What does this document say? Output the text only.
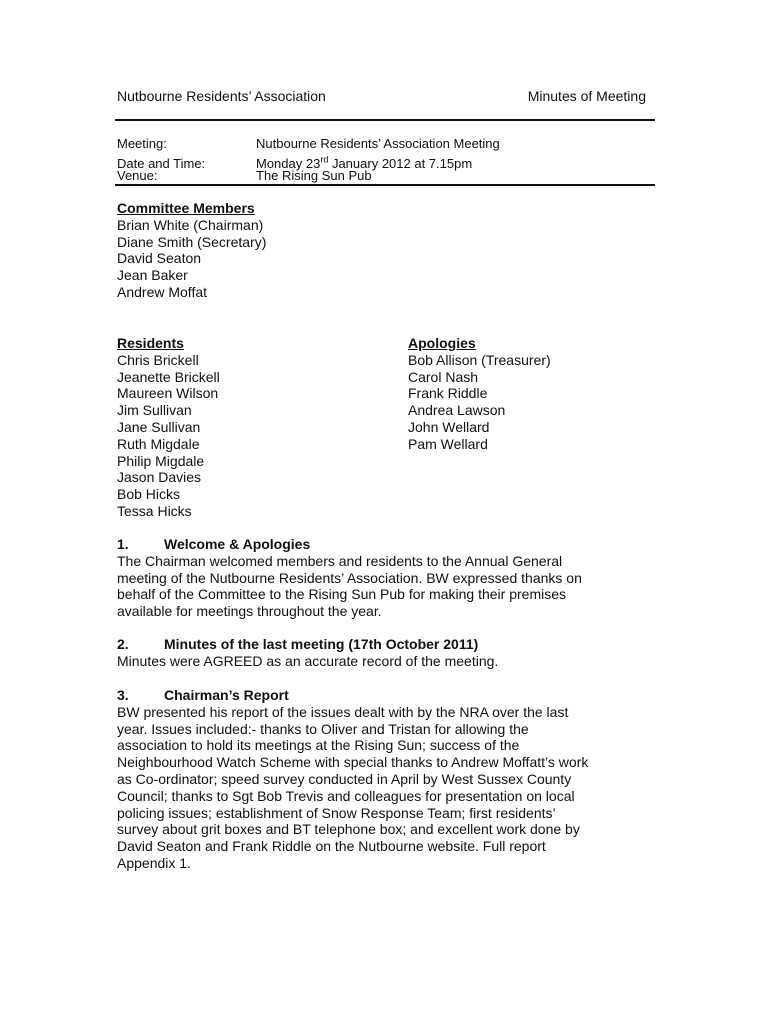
Nutbourne Residents’ Association	Minutes of Meeting
Meeting:	Nutbourne Residents’ Association Meeting
Date and Time:	Monday 23rd January 2012 at 7.15pm
Venue:	The Rising Sun Pub
Committee Members
Brian White (Chairman)
Diane Smith (Secretary)
David Seaton
Jean Baker
Andrew Moffat
Residents
Chris Brickell
Jeanette Brickell
Maureen Wilson
Jim Sullivan
Jane Sullivan
Ruth Migdale
Philip Migdale
Jason Davies
Bob Hicks
Tessa Hicks
Apologies
Bob Allison (Treasurer)
Carol Nash
Frank Riddle
Andrea Lawson
John Wellard
Pam Wellard

1.	Welcome & Apologies

The Chairman welcomed members and residents to the Annual General

meeting of the Nutbourne Residents’ Association. BW expressed thanks on

behalf of the Committee to the Rising Sun Pub for making their premises

available for meetings throughout the year.

2.	Minutes of the last meeting (17th October 2011)

Minutes were AGREED as an accurate record of the meeting.

3.	Chairman’s Report

BW presented his report of the issues dealt with by the NRA over the last

year. Issues included:- thanks to Oliver and Tristan for allowing the

association to hold its meetings at the Rising Sun; success of the

Neighbourhood Watch Scheme with special thanks to Andrew Moffatt’s work

as Co-ordinator; speed survey conducted in April by West Sussex County

Council; thanks to Sgt Bob Trevis and colleagues for presentation on local

policing issues; establishment of Snow Response Team; first residents’

survey about grit boxes and BT telephone box; and excellent work done by

David Seaton and Frank Riddle on the Nutbourne website. Full report

Appendix 1.
